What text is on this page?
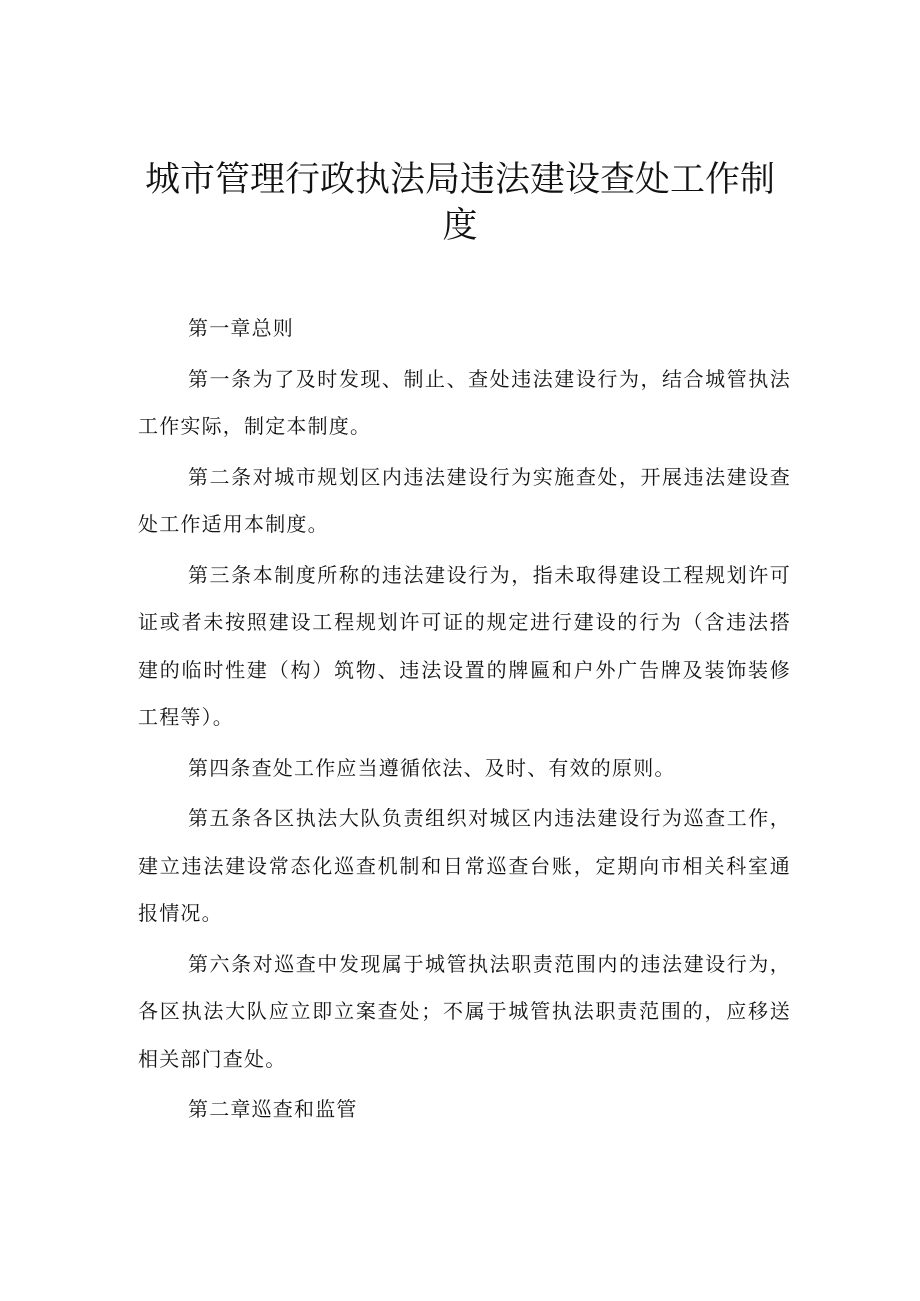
城市管理行政执法局违法建设查处工作制度

第一章总则

第一条为了及时发现、制止、查处违法建设行为，结合城管执法工作实际，制定本制度。

第二条对城市规划区内违法建设行为实施查处，开展违法建设查处工作适用本制度。

第三条本制度所称的违法建设行为，指未取得建设工程规划许可证或者未按照建设工程规划许可证的规定进行建设的行为（含违法搭建的临时性建（构）筑物、违法设置的牌匾和户外广告牌及装饰装修工程等）。

第四条查处工作应当遵循依法、及时、有效的原则。

第五条各区执法大队负责组织对城区内违法建设行为巡查工作，建立违法建设常态化巡查机制和日常巡查台账，定期向市相关科室通报情况。

第六条对巡查中发现属于城管执法职责范围内的违法建设行为，各区执法大队应立即立案查处；不属于城管执法职责范围的，应移送相关部门查处。

第二章巡查和监管
